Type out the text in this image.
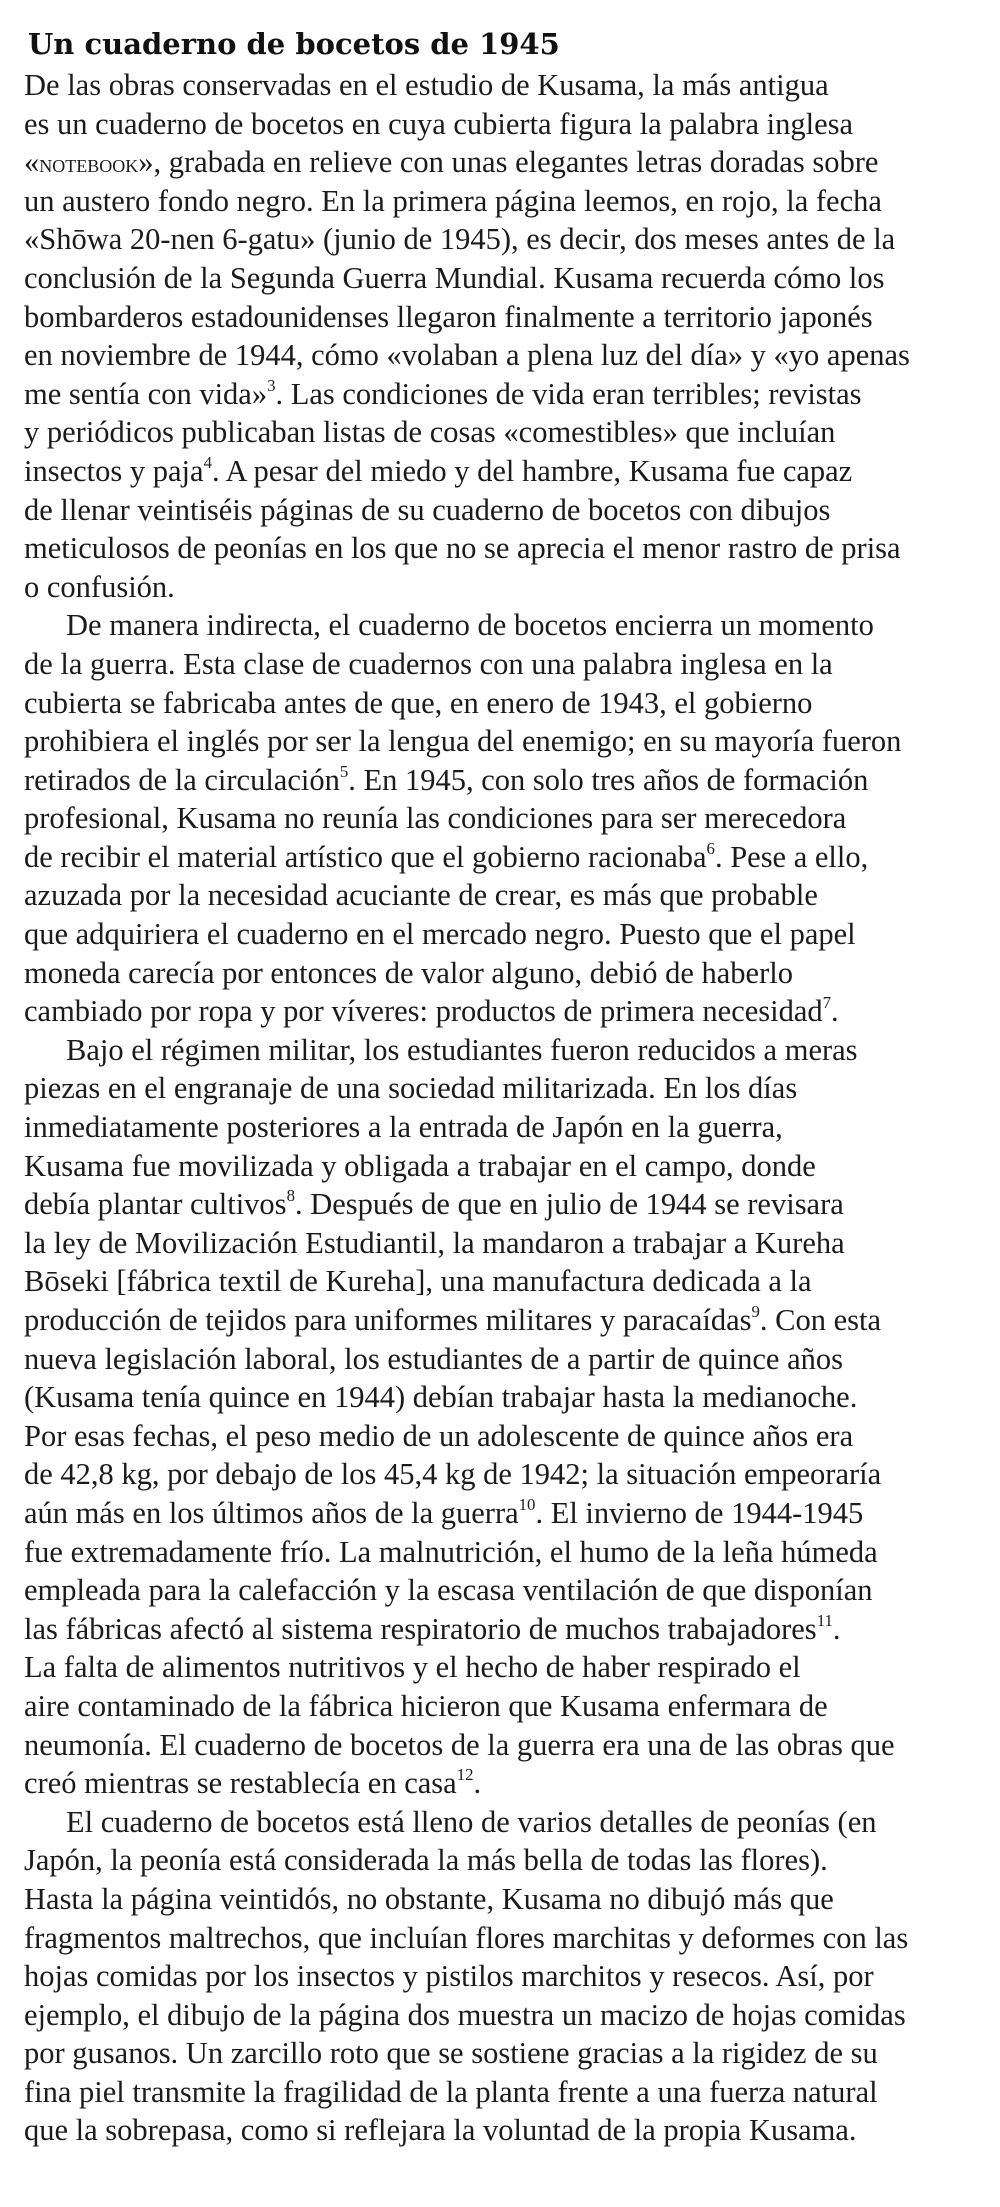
Un cuaderno de bocetos de 1945
De las obras conservadas en el estudio de Kusama, la más antigua
es un cuaderno de bocetos en cuya cubierta figura la palabra inglesa
«notebook», grabada en relieve con unas elegantes letras doradas sobre
un austero fondo negro. En la primera página leemos, en rojo, la fecha
«Shōwa 20-nen 6-gatu» (junio de 1945), es decir, dos meses antes de la
conclusión de la Segunda Guerra Mundial. Kusama recuerda cómo los
bombarderos estadounidenses llegaron finalmente a territorio japonés
en noviembre de 1944, cómo «volaban a plena luz del día» y «yo apenas
me sentía con vida»$^3$. Las condiciones de vida eran terribles; revistas
y periódicos publicaban listas de cosas «comestibles» que incluían
insectos y paja$^4$. A pesar del miedo y del hambre, Kusama fue capaz
de llenar veintiséis páginas de su cuaderno de bocetos con dibujos
meticulosos de peonías en los que no se aprecia el menor rastro de prisa
o confusión.
De manera indirecta, el cuaderno de bocetos encierra un momento
de la guerra. Esta clase de cuadernos con una palabra inglesa en la
cubierta se fabricaba antes de que, en enero de 1943, el gobierno
prohibiera el inglés por ser la lengua del enemigo; en su mayoría fueron
retirados de la circulación$^5$. En 1945, con solo tres años de formación
profesional, Kusama no reunía las condiciones para ser merecedora
de recibir el material artístico que el gobierno racionaba$^6$. Pese a ello,
azuzada por la necesidad acuciante de crear, es más que probable
que adquiriera el cuaderno en el mercado negro. Puesto que el papel
moneda carecía por entonces de valor alguno, debió de haberlo
cambiado por ropa y por víveres: productos de primera necesidad$^7$.
Bajo el régimen militar, los estudiantes fueron reducidos a meras
piezas en el engranaje de una sociedad militarizada. En los días
inmediatamente posteriores a la entrada de Japón en la guerra,
Kusama fue movilizada y obligada a trabajar en el campo, donde
debía plantar cultivos$^8$. Después de que en julio de 1944 se revisara
la ley de Movilización Estudiantil, la mandaron a trabajar a Kureha
Bōseki [fábrica textil de Kureha], una manufactura dedicada a la
producción de tejidos para uniformes militares y paracaídas$^9$. Con esta
nueva legislación laboral, los estudiantes de a partir de quince años
(Kusama tenía quince en 1944) debían trabajar hasta la medianoche.
Por esas fechas, el peso medio de un adolescente de quince años era
de 42,8 kg, por debajo de los 45,4 kg de 1942; la situación empeoraría
aún más en los últimos años de la guerra$^{10}$. El invierno de 1944-1945
fue extremadamente frío. La malnutrición, el humo de la leña húmeda
empleada para la calefacción y la escasa ventilación de que disponían
las fábricas afectó al sistema respiratorio de muchos trabajadores$^{11}$.
La falta de alimentos nutritivos y el hecho de haber respirado el
aire contaminado de la fábrica hicieron que Kusama enfermara de
neumonía. El cuaderno de bocetos de la guerra era una de las obras que
creó mientras se restablecía en casa$^{12}$.
El cuaderno de bocetos está lleno de varios detalles de peonías (en
Japón, la peonía está considerada la más bella de todas las flores).
Hasta la página veintidós, no obstante, Kusama no dibujó más que
fragmentos maltrechos, que incluían flores marchitas y deformes con las
hojas comidas por los insectos y pistilos marchitos y resecos. Así, por
ejemplo, el dibujo de la página dos muestra un macizo de hojas comidas
por gusanos. Un zarcillo roto que se sostiene gracias a la rigidez de su
fina piel transmite la fragilidad de la planta frente a una fuerza natural
que la sobrepasa, como si reflejara la voluntad de la propia Kusama.
